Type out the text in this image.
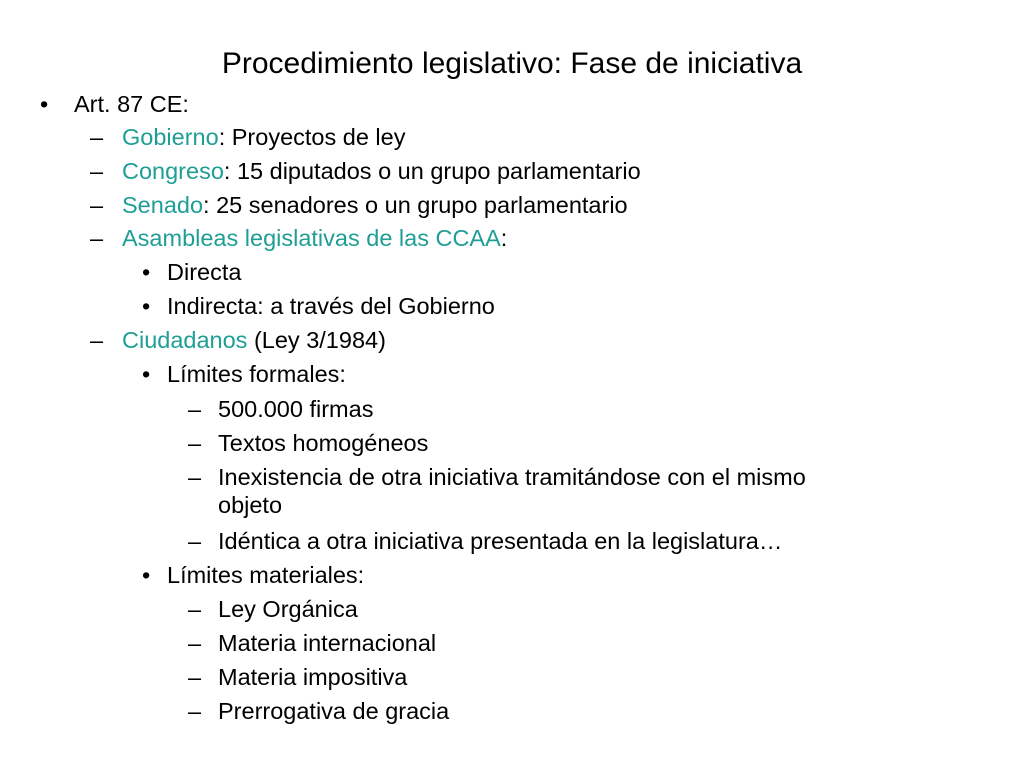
Procedimiento legislativo: Fase de iniciativa
• Art. 87 CE:
– Gobierno: Proyectos de ley
– Congreso: 15 diputados o un grupo parlamentario
– Senado: 25 senadores o un grupo parlamentario
– Asambleas legislativas de las CCAA:
• Directa
• Indirecta: a través del Gobierno
– Ciudadanos (Ley 3/1984)
• Límites formales:
– 500.000 firmas
– Textos homogéneos
– Inexistencia de otra iniciativa tramitándose con el mismo
objeto
– Idéntica a otra iniciativa presentada en la legislatura…
• Límites materiales:
– Ley Orgánica
– Materia internacional
– Materia impositiva
– Prerrogativa de gracia
